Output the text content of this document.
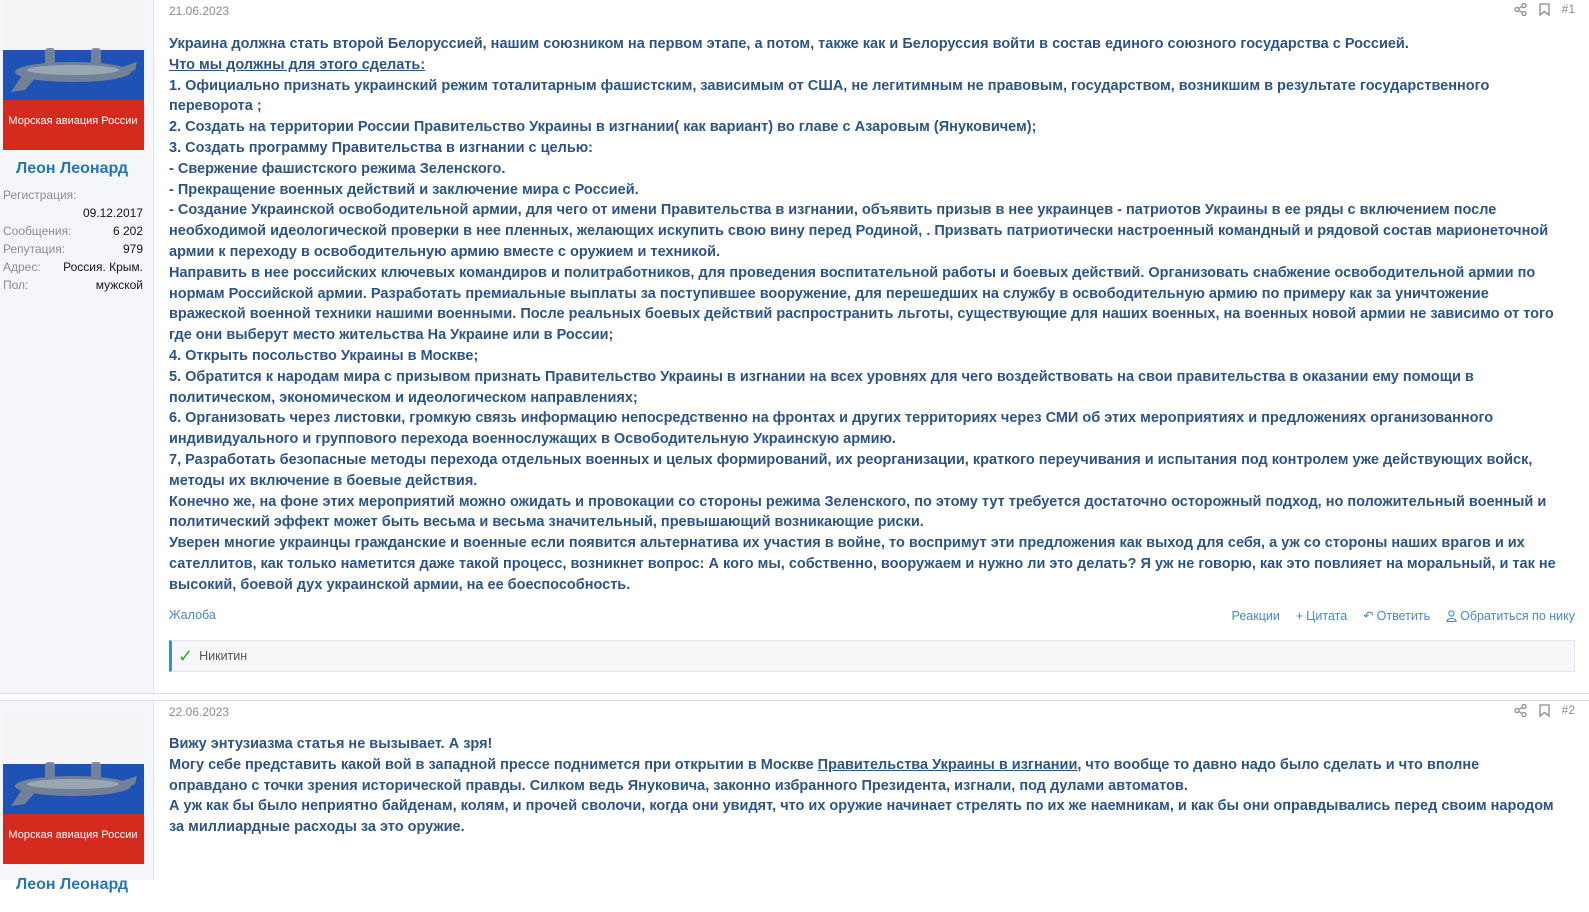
Морская авиация России
Леон Леонард
Регистрация:
09.12.2017
Сообщения:	6 202
Репутация:	979
Адрес: Россия. Крым.
Пол:	мужской
21.06.2023	#1

Украина должна стать второй Белоруссией, нашим союзником на первом этапе, а потом, также как и Белоруссия войти в состав единого союзного государства с Россией.

Что мы должны для этого сделать:

1. Официально признать украинский режим тоталитарным фашистским, зависимым от США, не легитимным не правовым, государством, возникшим в результате государственного переворота ;

2. Создать на территории России Правительство Украины в изгнании( как вариант) во главе с Азаровым (Януковичем);

3. Создать программу Правительства в изгнании с целью:

- Свержение фашистского режима Зеленского.

- Прекращение военных действий и заключение мира с Россией.

- Создание Украинской освободительной армии, для чего от имени Правительства в изгнании, объявить призыв в нее украинцев - патриотов Украины в ее ряды с включением после необходимой идеологической проверки в нее пленных, желающих искупить свою вину перед Родиной, . Призвать патриотически настроенный командный и рядовой состав марионеточной армии к переходу в освободительную армию вместе с оружием и техникой.

Направить в нее российских ключевых командиров и политработников, для проведения воспитательной работы и боевых действий. Организовать снабжение освободительной армии по нормам Российской армии. Разработать премиальные выплаты за поступившее вооружение, для перешедших на службу в освободительную армию по примеру как за уничтожение вражеской военной техники нашими военными. После реальных боевых действий распространить льготы, существующие для наших военных, на военных новой армии не зависимо от того где они выберут место жительства На Украине или в России;

4. Открыть посольство Украины в Москве;

5. Обратится к народам мира с призывом признать Правительство Украины в изгнании на всех уровнях для чего воздействовать на свои правительства в оказании ему помощи в политическом, экономическом и идеологическом направлениях;

6. Организовать через листовки, громкую связь информацию непосредственно на фронтах и других территориях через СМИ об этих мероприятиях и предложениях организованного индивидуального и группового перехода военнослужащих в Освободительную Украинскую армию.

7, Разработать безопасные методы перехода отдельных военных и целых формирований, их реорганизации, краткого переучивания и испытания под контролем уже действующих войск, методы их включение в боевые действия.

Конечно же, на фоне этих мероприятий можно ожидать и провокации со стороны режима Зеленского, по этому тут требуется достаточно осторожный подход, но положительный военный и политический эффект может быть весьма и весьма значительный, превышающий возникающие риски.

Уверен многие украинцы гражданские и военные если появится альтернатива их участия в войне, то воспримут эти предложения как выход для себя, а уж со стороны наших врагов и их сателлитов, как только наметится даже такой процесс, возникнет вопрос: А кого мы, собственно, вооружаем и нужно ли это делать? Я уж не говорю, как это повлияет на моральный, и так не высокий, боевой дух украинской армии, на ее боеспособность.

Жалоба	Реакции + Цитата ↶ Ответить Обратиться по нику
✓ Никитин
Морская авиация России
Леон Леонард
22.06.2023	#2

Вижу энтузиазма статья не вызывает. А зря!

Могу себе представить какой вой в западной прессе поднимется при открытии в Москве Правительства Украины в изгнании, что вообще то давно надо было сделать и что вполне оправдано с точки зрения исторической правды. Силком ведь Януковича, законно избранного Президента, изгнали, под дулами автоматов.

А уж как бы было неприятно байденам, колям, и прочей сволочи, когда они увидят, что их оружие начинает стрелять по их же наемникам, и как бы они оправдывались перед своим народом за миллиардные расходы за это оружие.
